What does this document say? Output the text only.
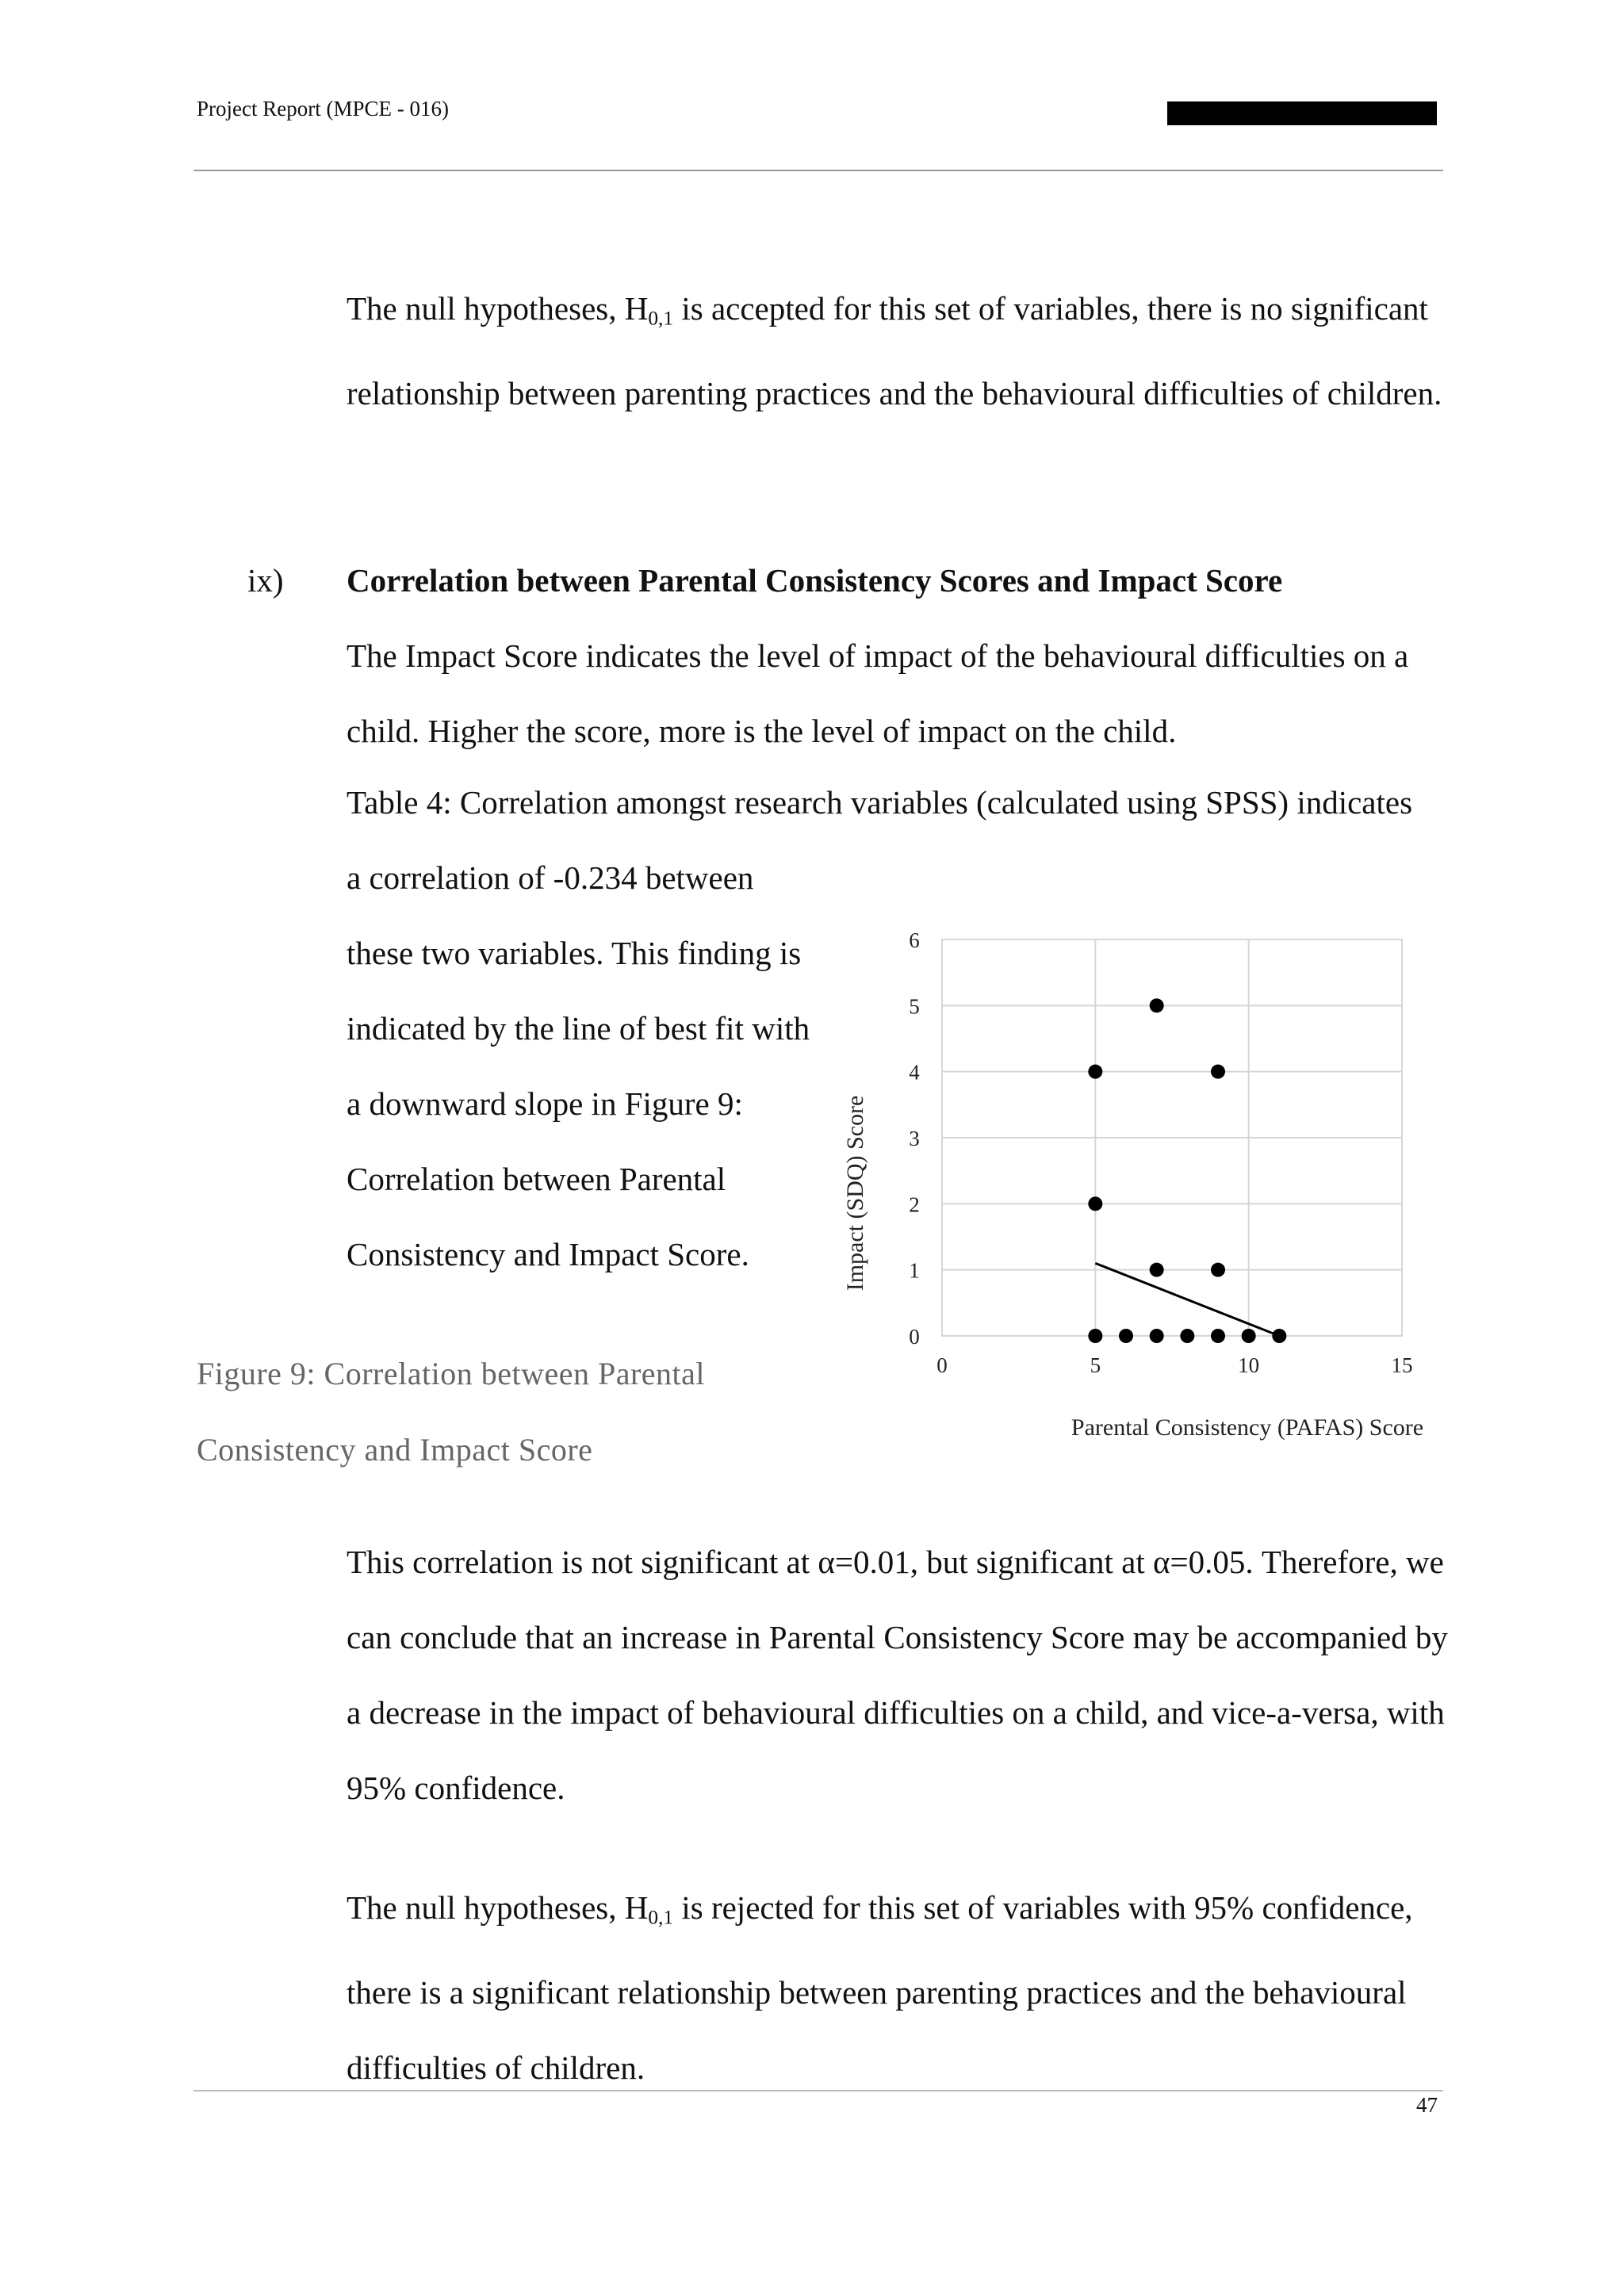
Project Report (MPCE - 016)

The null hypotheses, $H_{0,1}$ is accepted for this set of variables, there is no significant relationship between parenting practices and the behavioural difficulties of children.

ix) Correlation between Parental Consistency Scores and Impact Score

The Impact Score indicates the level of impact of the behavioural difficulties on a child. Higher the score, more is the level of impact on the child.

Table 4: Correlation amongst research variables (calculated using SPSS) indicates

a correlation of -0.234 between these two variables. This finding is indicated by the line of best fit with a downward slope in Figure 9: Correlation between Parental Consistency and Impact Score.

Figure 9: Correlation between Parental Consistency and Impact Score
0
1
2
3
4
5
6
0	5	10	15
Parental Consistency (PAFAS) Score
Impact (SDQ) Score

This correlation is not significant at α=0.01, but significant at α=0.05. Therefore, we can conclude that an increase in Parental Consistency Score may be accompanied by a decrease in the impact of behavioural difficulties on a child, and vice-a-versa, with 95% confidence.

The null hypotheses, $H_{0,1}$ is rejected for this set of variables with 95% confidence, there is a significant relationship between parenting practices and the behavioural difficulties of children.

47
